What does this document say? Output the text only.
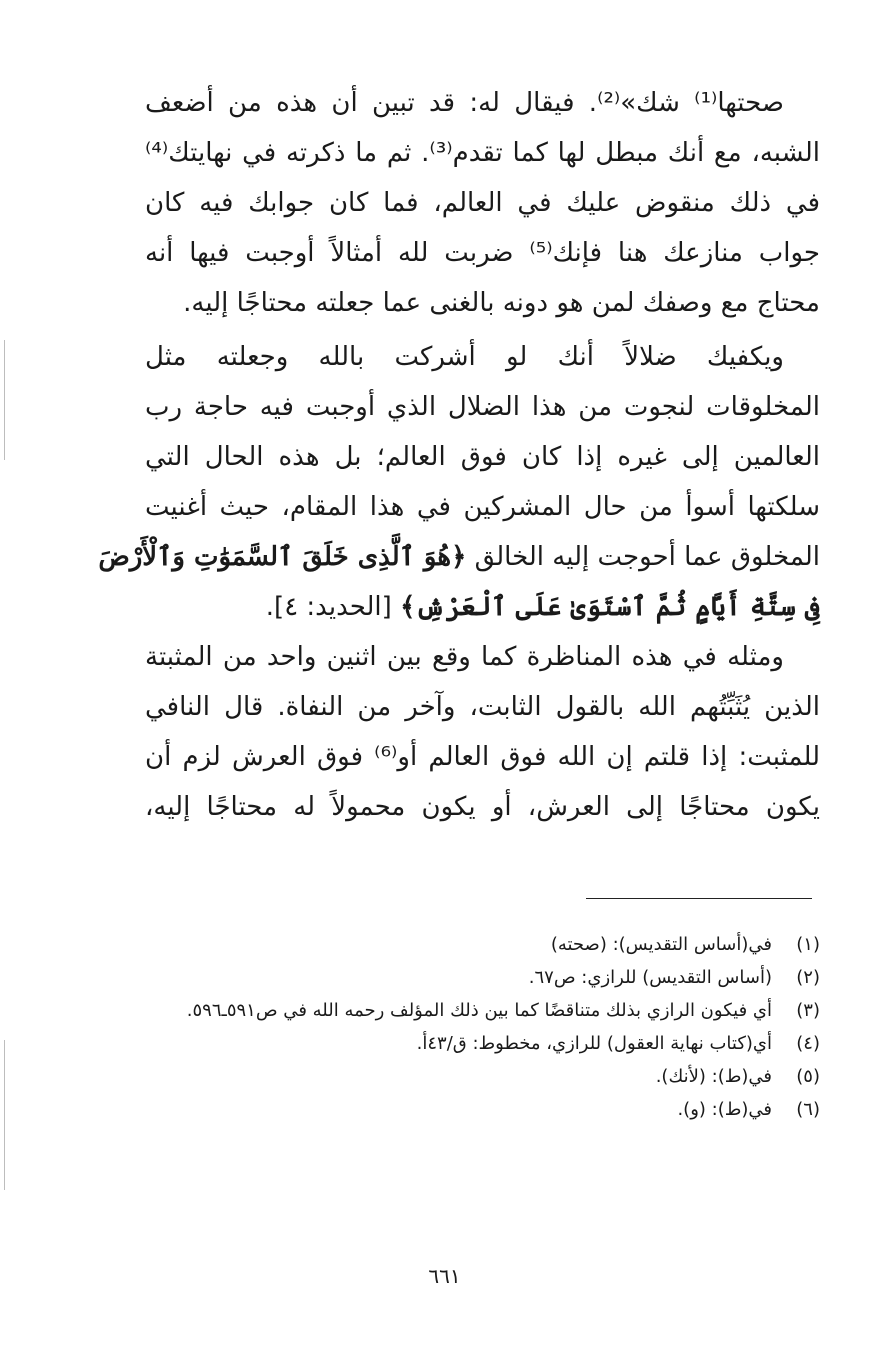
صحتها⁽¹⁾ شك»⁽²⁾. فيقال له: قد تبين أن هذه من أضعف
الشبه، مع أنك مبطل لها كما تقدم⁽³⁾. ثم ما ذكرته في نهايتك⁽⁴⁾
في ذلك منقوض عليك في العالم، فما كان جوابك فيه كان
جواب منازعك هنا فإنك⁽⁵⁾ ضربت لله أمثالاً أوجبت فيها أنه
محتاج مع وصفك لمن هو دونه بالغنى عما جعلته محتاجًا إليه.
ويكفيك ضلالاً أنك لو أشركت بالله وجعلته مثل
المخلوقات لنجوت من هذا الضلال الذي أوجبت فيه حاجة رب
العالمين إلى غيره إذا كان فوق العالم؛ بل هذه الحال التي
سلكتها أسوأ من حال المشركين في هذا المقام، حيث أغنيت
المخلوق عما أحوجت إليه الخالق ﴿هُوَ ٱلَّذِى خَلَقَ ٱلسَّمَوَٰتِ وَٱلْأَرْضَ
فِى سِتَّةِ أَيَّامٍ ثُمَّ ٱسْتَوَىٰ عَلَى ٱلْعَرْشِ﴾ [الحديد: ٤].
ومثله في هذه المناظرة كما وقع بين اثنين واحد من المثبتة
الذين يُثَبِّتُهم الله بالقول الثابت، وآخر من النفاة. قال النافي
للمثبت: إذا قلتم إن الله فوق العالم أو⁽⁶⁾ فوق العرش لزم أن
يكون محتاجًا إلى العرش، أو يكون محمولاً له محتاجًا إليه،
(١)
في(أساس التقديس): (صحته)
(٢)
(أساس التقديس) للرازي: ص٦٧.
(٣)
أي فيكون الرازي بذلك متناقضًا كما بين ذلك المؤلف رحمه الله في ص٥٩١ـ٥٩٦.
(٤)
أي(كتاب نهاية العقول) للرازي، مخطوط: ق/٤٣أ.
(٥)
في(ط): (لأنك).
(٦)
في(ط): (و).
٦٦١
